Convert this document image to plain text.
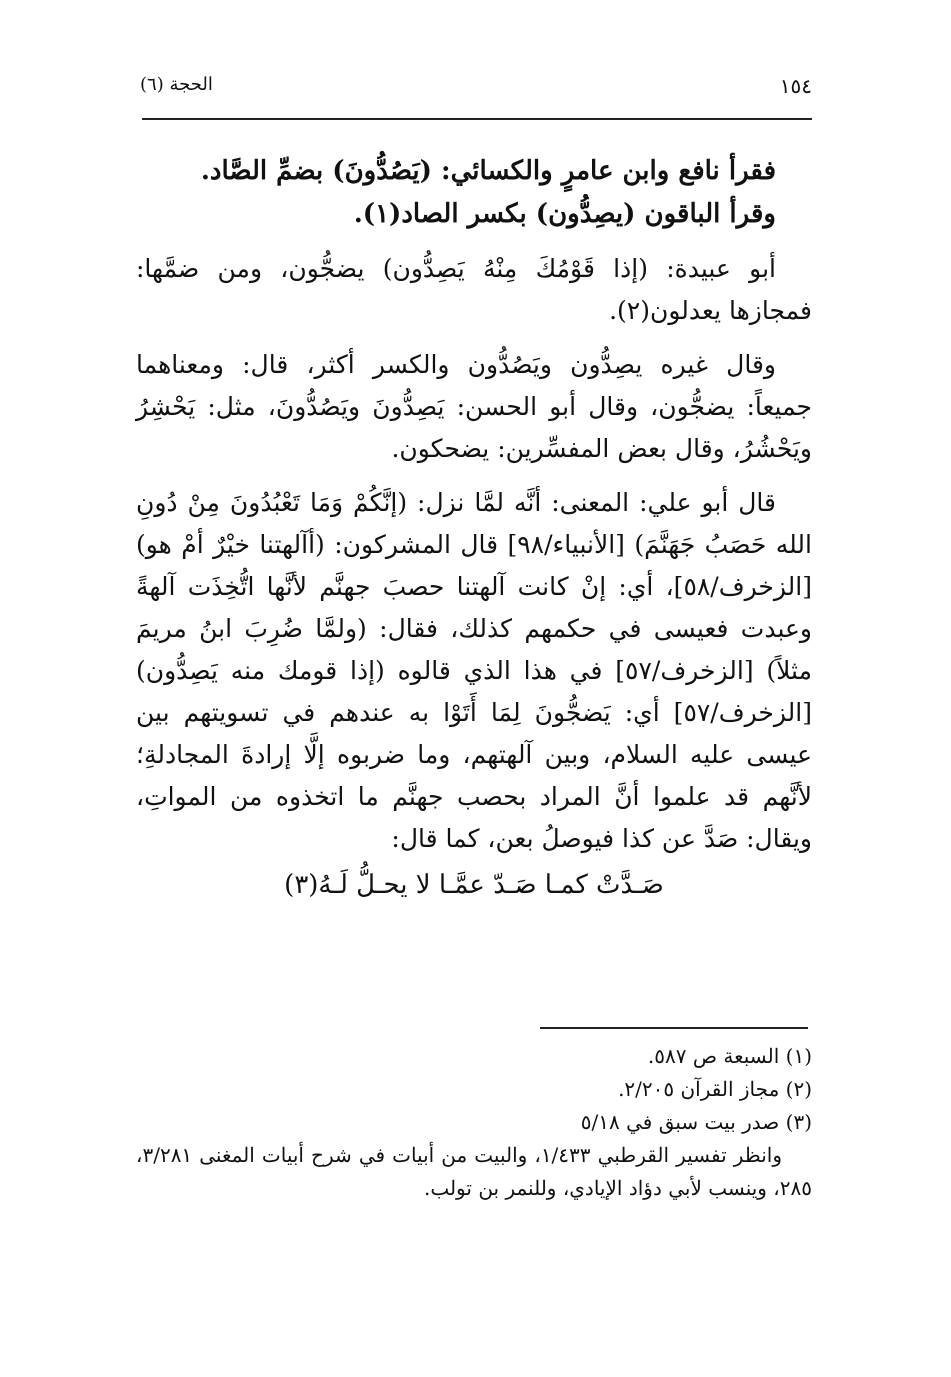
١٥٤
الحجة (٦)

فقرأ نافع وابن عامرٍ والكسائي: (يَصُدُّونَ) بضمِّ الصَّاد.

وقرأ الباقون (يصِدُّون) بكسر الصاد(١).

أبو عبيدة: (إذا قَوْمُكَ مِنْهُ يَصِدُّون) يضجُّون، ومن ضمَّها: فمجازها يعدلون(٢).

وقال غيره يصِدُّون ويَصُدُّون والكسر أكثر، قال: ومعناهما جميعاً: يضجُّون، وقال أبو الحسن: يَصِدُّونَ ويَصُدُّونَ، مثل: يَحْشِرُ ويَحْشُرُ، وقال بعض المفسِّرين: يضحكون.

قال أبو علي: المعنى: أنَّه لمَّا نزل: (إنَّكُمْ وَمَا تَعْبُدُونَ مِنْ دُونِ الله حَصَبُ جَهَنَّمَ) [الأنبياء/٩٨] قال المشركون: (أآلهتنا خيْرٌ أمْ هو) [الزخرف/٥٨]، أي: إنْ كانت آلهتنا حصبَ جهنَّم لأنَّها اتُّخِذَت آلهةً وعبدت فعيسى في حكمهم كذلك، فقال: (ولمَّا ضُرِبَ ابنُ مريمَ مثلاً) [الزخرف/٥٧] في هذا الذي قالوه (إذا قومك منه يَصِدُّون) [الزخرف/٥٧] أي: يَضجُّونَ لِمَا أَتَوْا به عندهم في تسويتهم بين عيسى عليه السلام، وبين آلهتهم، وما ضربوه إلَّا إرادةَ المجادلةِ؛ لأنَّهم قد علموا أنَّ المراد بحصب جهنَّم ما اتخذوه من المواتِ، ويقال: صَدَّ عن كذا فيوصلُ بعن، كما قال:

صَـدَّتْ كمـا صَـدّ عمَّـا لا يحـلُّ لَـهُ(٣)

(١) السبعة ص ٥٨٧.

(٢) مجاز القرآن ٢/٢٠٥.

(٣) صدر بيت سبق في ٥/١٨

وانظر تفسير القرطبي ١/٤٣٣، والبيت من أبيات في شرح أبيات المغنى ٣/٢٨١، ٢٨٥، وينسب لأبي دؤاد الإيادي، وللنمر بن تولب.
